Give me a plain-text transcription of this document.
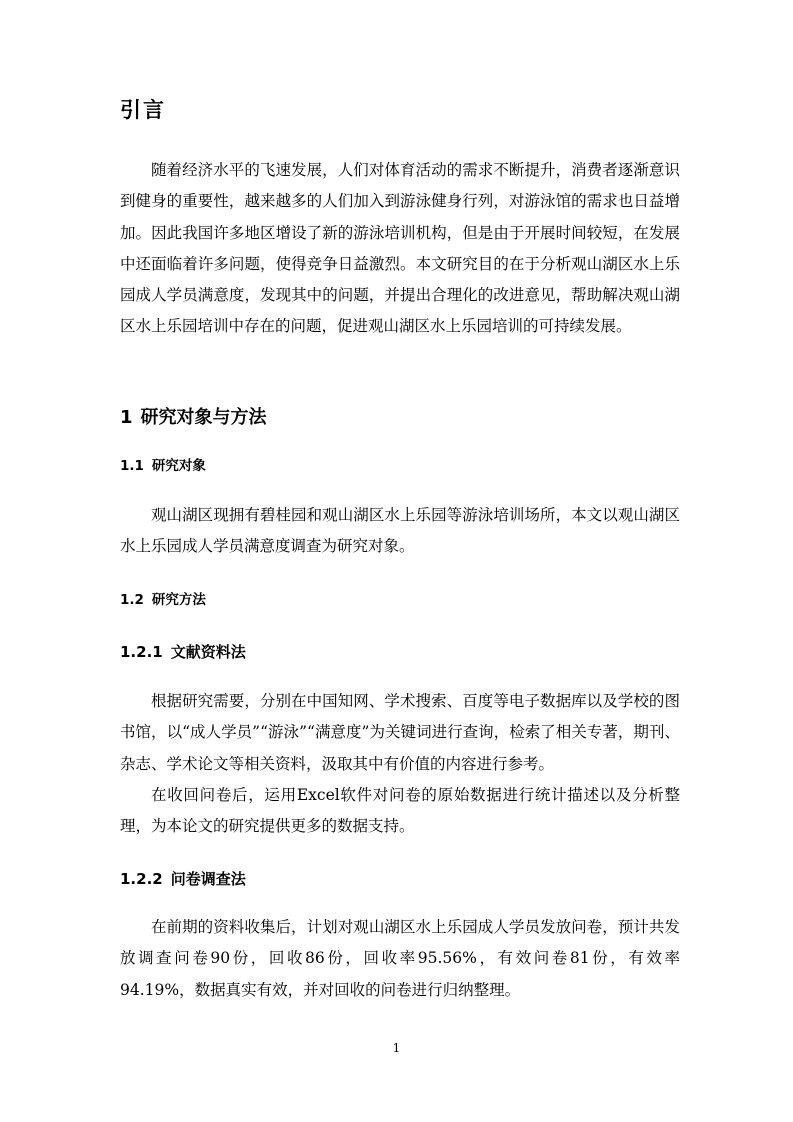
引言

随着经济水平的飞速发展，人们对体育活动的需求不断提升，消费者逐渐意识到健身的重要性，越来越多的人们加入到游泳健身行列，对游泳馆的需求也日益增加。因此我国许多地区增设了新的游泳培训机构，但是由于开展时间较短，在发展中还面临着许多问题，使得竞争日益激烈。本文研究目的在于分析观山湖区水上乐园成人学员满意度，发现其中的问题，并提出合理化的改进意见，帮助解决观山湖区水上乐园培训中存在的问题，促进观山湖区水上乐园培训的可持续发展。

1 研究对象与方法
1.1 研究对象

观山湖区现拥有碧桂园和观山湖区水上乐园等游泳培训场所，本文以观山湖区水上乐园成人学员满意度调查为研究对象。

1.2 研究方法
1.2.1 文献资料法

根据研究需要，分别在中国知网、学术搜索、百度等电子数据库以及学校的图书馆，以“成人学员”“游泳”“满意度”为关键词进行查询，检索了相关专著，期刊、杂志、学术论文等相关资料，汲取其中有价值的内容进行参考。

在收回问卷后，运用Excel软件对问卷的原始数据进行统计描述以及分析整理，为本论文的研究提供更多的数据支持。

1.2.2 问卷调查法

在前期的资料收集后，计划对观山湖区水上乐园成人学员发放问卷，预计共发放调查问卷90份，回收86份，回收率95.56%，有效问卷81份，有效率94.19%，数据真实有效，并对回收的问卷进行归纳整理。

1
